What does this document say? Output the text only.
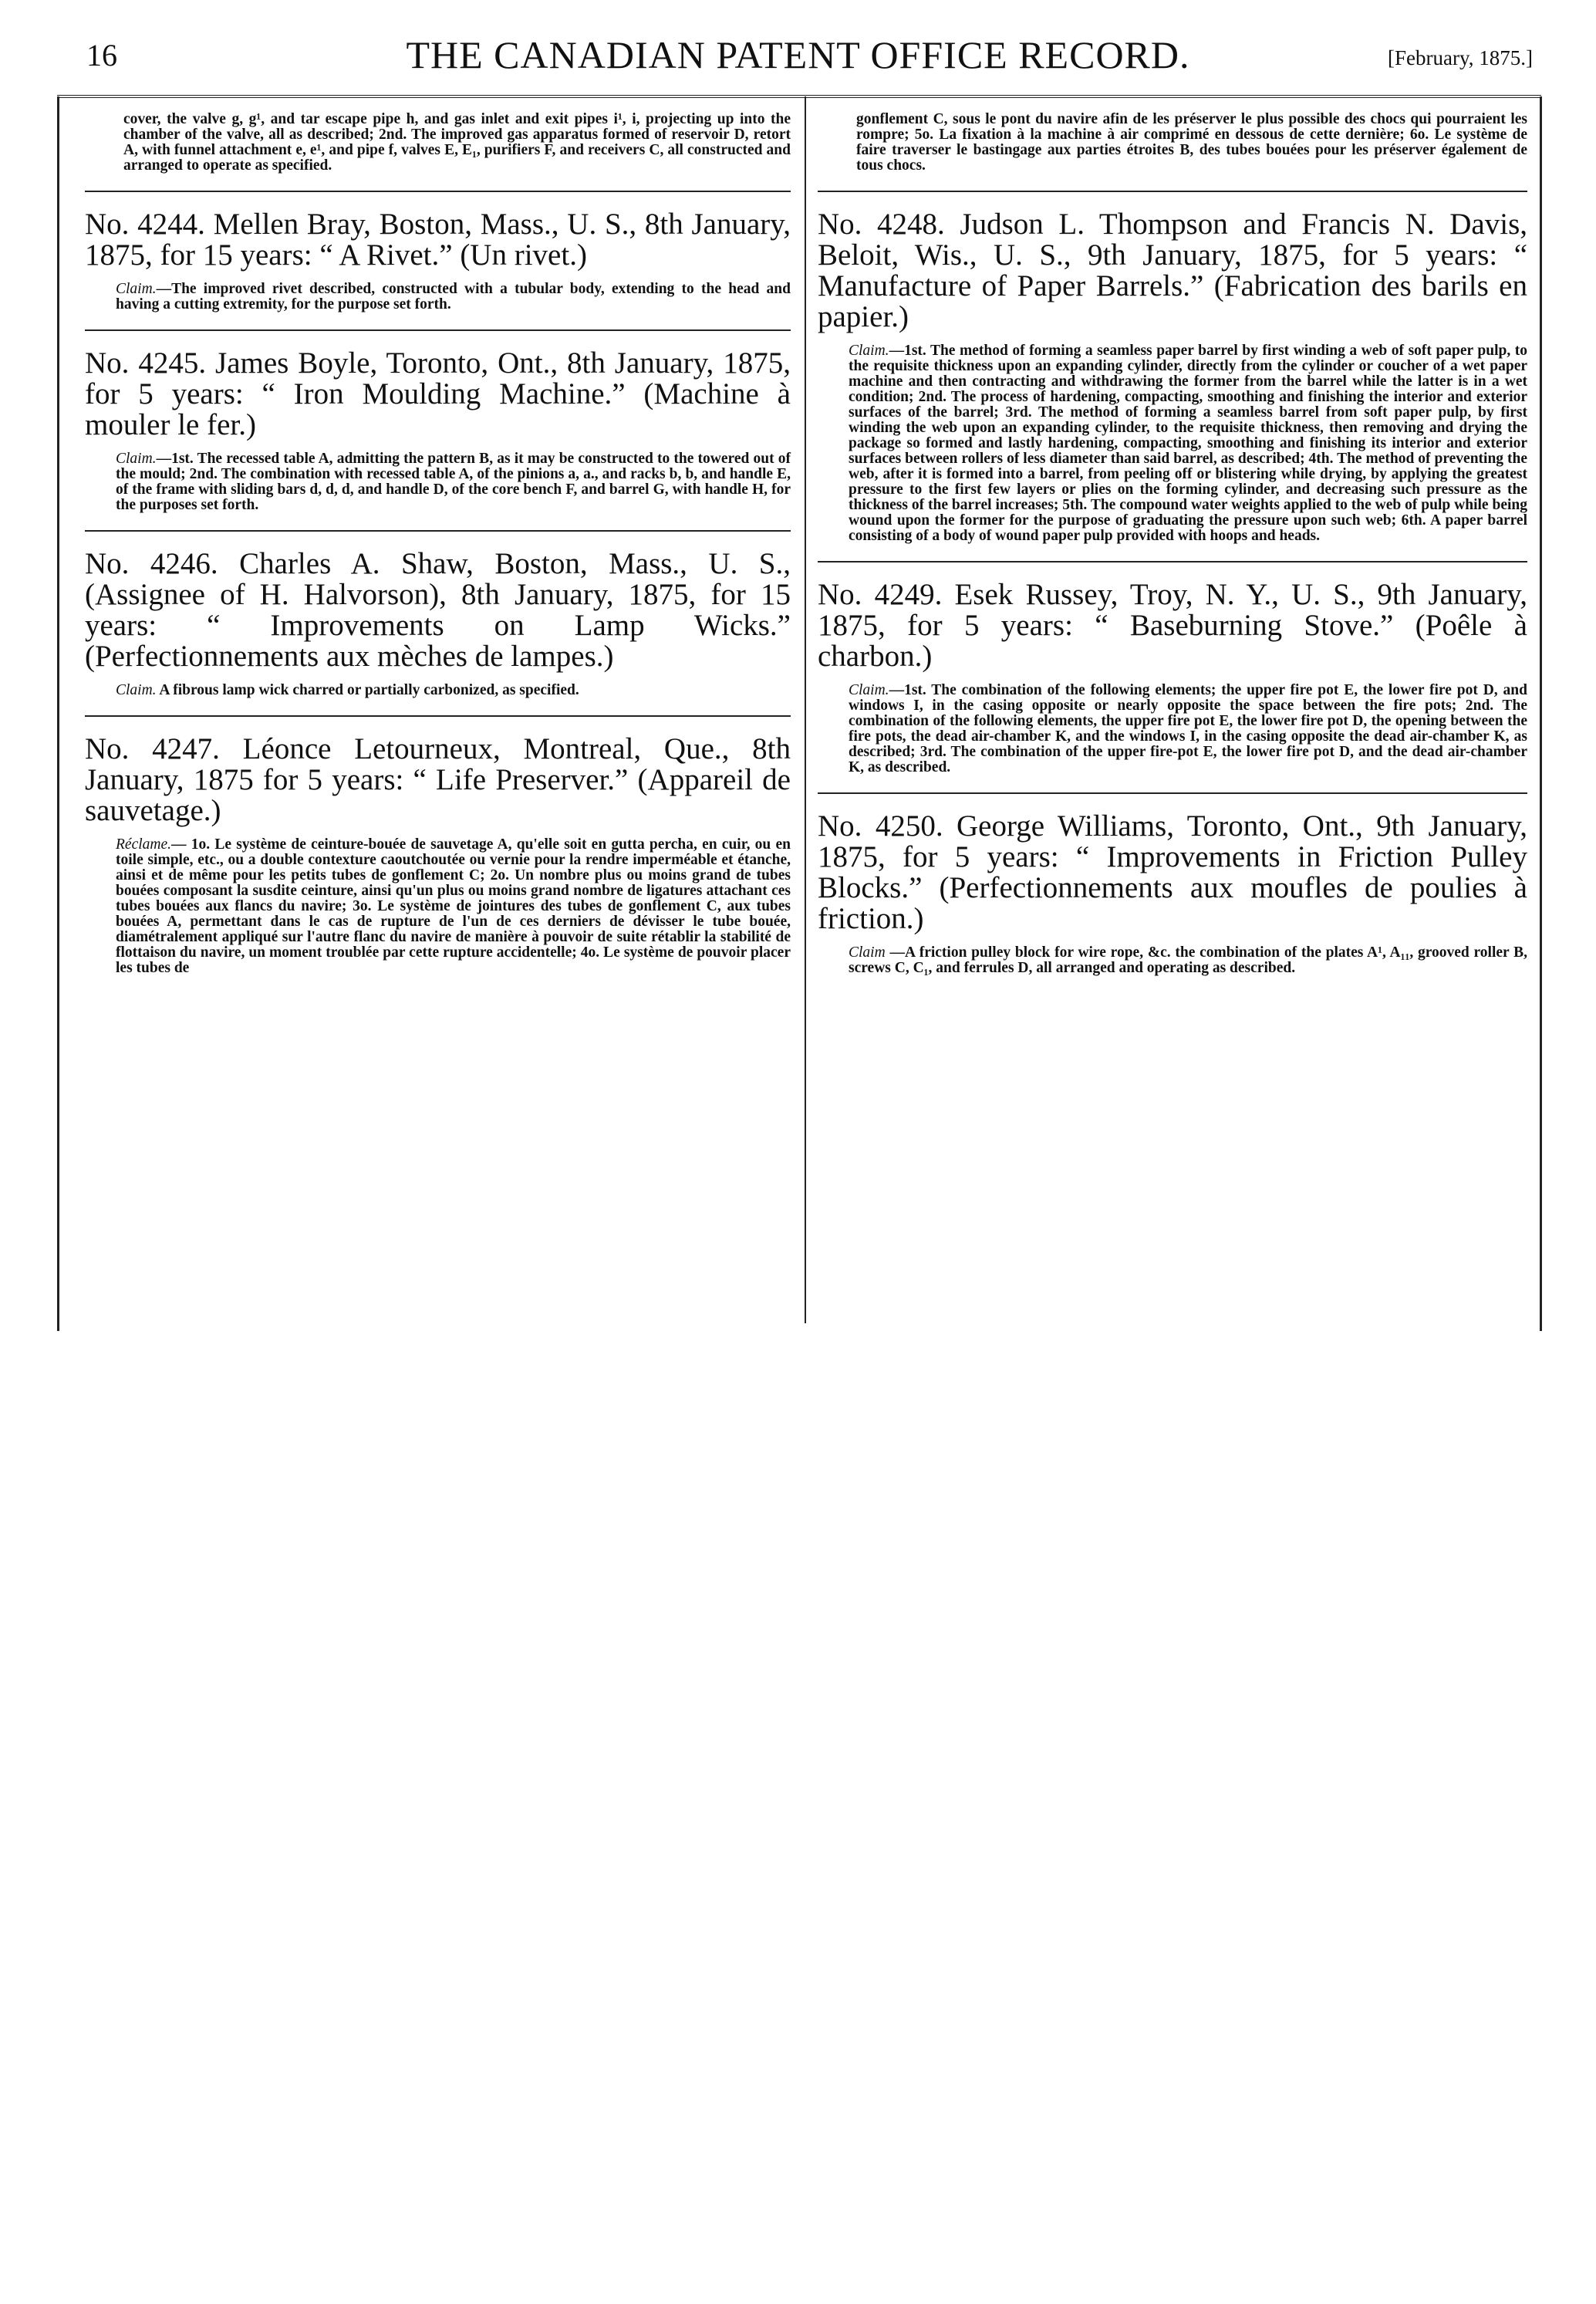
16	THE CANADIAN PATENT OFFICE RECORD.	[February, 1875.]

cover, the valve g, g¹, and tar escape pipe h, and gas inlet and exit pipes i¹, i, projecting up into the chamber of the valve, all as described; 2nd. The improved gas apparatus formed of reservoir D, retort A, with funnel attachment e, e¹, and pipe f, valves E, E₁, purifiers F, and receivers C, all constructed and arranged to operate as specified.

No. 4244. Mellen Bray, Boston, Mass., U. S., 8th January, 1875, for 15 years: “ A Rivet.” (Un rivet.)

Claim.—The improved rivet described, constructed with a tubular body, extending to the head and having a cutting extremity, for the purpose set forth.

No. 4245. James Boyle, Toronto, Ont., 8th January, 1875, for 5 years: “ Iron Moulding Machine.” (Machine à mouler le fer.)

Claim.—1st. The recessed table A, admitting the pattern B, as it may be constructed to the towered out of the mould; 2nd. The combination with recessed table A, of the pinions a, a., and racks b, b, and handle E, of the frame with sliding bars d, d, d, and handle D, of the core bench F, and barrel G, with handle H, for the purposes set forth.

No. 4246. Charles A. Shaw, Boston, Mass., U. S., (Assignee of H. Halvorson), 8th January, 1875, for 15 years: “ Improvements on Lamp Wicks.” (Perfectionnements aux mèches de lampes.)

Claim. A fibrous lamp wick charred or partially carbonized, as specified.

No. 4247. Léonce Letourneux, Montreal, Que., 8th January, 1875 for 5 years: “ Life Preserver.” (Appareil de sauvetage.)

Réclame.— 1o. Le système de ceinture-bouée de sauvetage A, qu'elle soit en gutta percha, en cuir, ou en toile simple, etc., ou a double contexture caoutchoutée ou vernie pour la rendre imperméable et étanche, ainsi et de même pour les petits tubes de gonflement C; 2o. Un nombre plus ou moins grand de tubes bouées composant la susdite ceinture, ainsi qu'un plus ou moins grand nombre de ligatures attachant ces tubes bouées aux flancs du navire; 3o. Le système de jointures des tubes de gonflement C, aux tubes bouées A, permettant dans le cas de rupture de l'un de ces derniers de dévisser le tube bouée, diamétralement appliqué sur l'autre flanc du navire de manière à pouvoir de suite rétablir la stabilité de flottaison du navire, un moment troublée par cette rupture accidentelle; 4o. Le système de pouvoir placer les tubes de

gonflement C, sous le pont du navire afin de les préserver le plus possible des chocs qui pourraient les rompre; 5o. La fixation à la machine à air comprimé en dessous de cette dernière; 6o. Le système de faire traverser le bastingage aux parties étroites B, des tubes bouées pour les préserver également de tous chocs.

No. 4248. Judson L. Thompson and Francis N. Davis, Beloit, Wis., U. S., 9th January, 1875, for 5 years: “ Manufacture of Paper Barrels.” (Fabrication des barils en papier.)

Claim.—1st. The method of forming a seamless paper barrel by first winding a web of soft paper pulp, to the requisite thickness upon an expanding cylinder, directly from the cylinder or coucher of a wet paper machine and then contracting and withdrawing the former from the barrel while the latter is in a wet condition; 2nd. The process of hardening, compacting, smoothing and finishing the interior and exterior surfaces of the barrel; 3rd. The method of forming a seamless barrel from soft paper pulp, by first winding the web upon an expanding cylinder, to the requisite thickness, then removing and drying the package so formed and lastly hardening, compacting, smoothing and finishing its interior and exterior surfaces between rollers of less diameter than said barrel, as described; 4th. The method of preventing the web, after it is formed into a barrel, from peeling off or blistering while drying, by applying the greatest pressure to the first few layers or plies on the forming cylinder, and decreasing such pressure as the thickness of the barrel increases; 5th. The compound water weights applied to the web of pulp while being wound upon the former for the purpose of graduating the pressure upon such web; 6th. A paper barrel consisting of a body of wound paper pulp provided with hoops and heads.

No. 4249. Esek Russey, Troy, N. Y., U. S., 9th January, 1875, for 5 years: “ Baseburning Stove.” (Poêle à charbon.)

Claim.—1st. The combination of the following elements; the upper fire pot E, the lower fire pot D, and windows I, in the casing opposite or nearly opposite the space between the fire pots; 2nd. The combination of the following elements, the upper fire pot E, the lower fire pot D, the opening between the fire pots, the dead air-chamber K, and the windows I, in the casing opposite the dead air-chamber K, as described; 3rd. The combination of the upper fire-pot E, the lower fire pot D, and the dead air-chamber K, as described.

No. 4250. George Williams, Toronto, Ont., 9th January, 1875, for 5 years: “ Improvements in Friction Pulley Blocks.” (Perfectionnements aux moufles de poulies à friction.)

Claim —A friction pulley block for wire rope, &c. the combination of the plates A¹, A₁₁, grooved roller B, screws C, C₁, and ferrules D, all arranged and operating as described.
